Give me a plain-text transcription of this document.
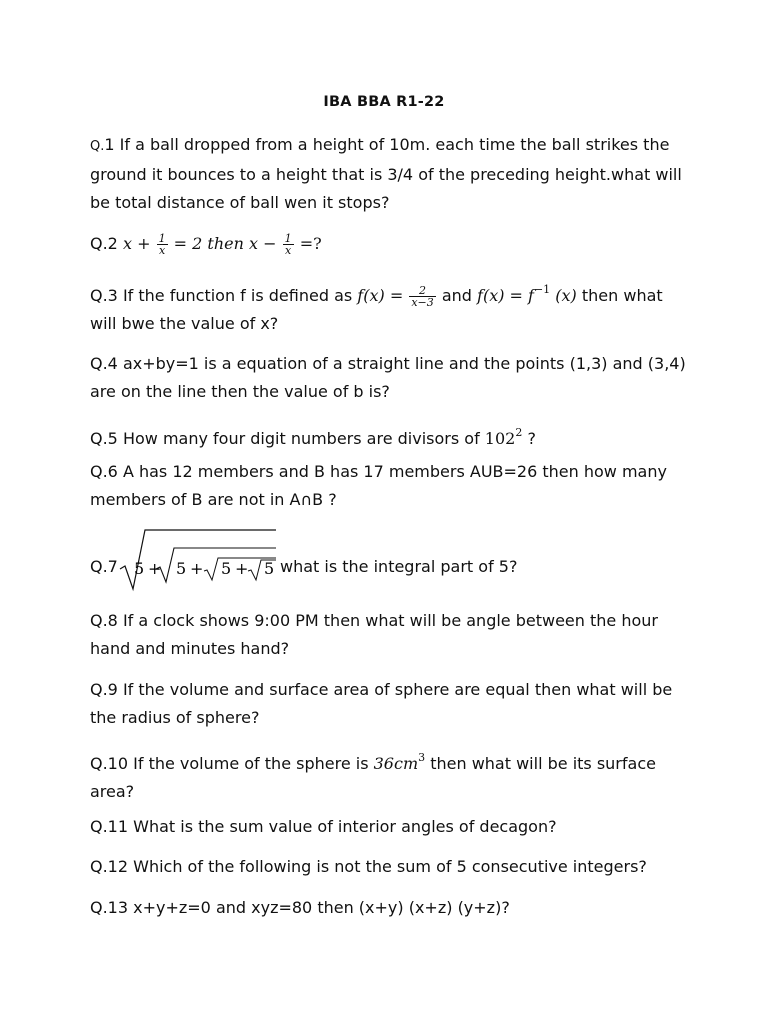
IBA BBA R1-22
Q.1 If a ball dropped from a height of 10m. each time the ball strikes the ground it bounces to a height that is 3/4 of the preceding height.what will be total distance of ball wen it stops?
Q.2 $x + \frac{1}{x} = 2$ then $x - \frac{1}{x}$ =?
Q.3 If the function f is defined as $f(x) = \frac{2}{x-3}$ and $f(x) = f^{-1}$ (x) then what will bwe the value of x?
Q.4 ax+by=1 is a equation of a straight line and the points (1,3) and (3,4) are on the line then the value of b is?
Q.5 How many four digit numbers are divisors of $102^2$ ?
Q.6 A has 12 members and B has 17 members AUB=26 then how many members of B are not in A∩B ?
Q.7	5 + 5 + 5 + 5 what is the integral part of 5?
Q.8 If a clock shows 9:00 PM then what will be angle between the hour hand and minutes hand?
Q.9 If the volume and surface area of sphere are equal then what will be the radius of sphere?
Q.10 If the volume of the sphere is $36cm^3$ then what will be its surface area?
Q.11 What is the sum value of interior angles of decagon?
Q.12 Which of the following is not the sum of 5 consecutive integers?
Q.13 x+y+z=0 and xyz=80 then (x+y) (x+z) (y+z)?
